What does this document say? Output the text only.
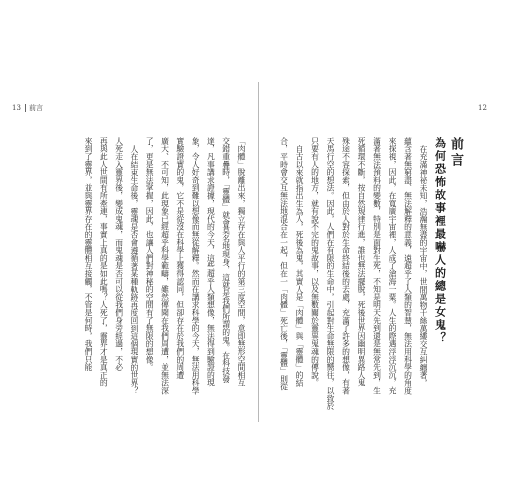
13 前言
「肉體」脫離出來，獨立存在與人平行的第三度空間，意即無形空間相互
交錯重疊時，「靈體」就會莫名地現身，這就是我們所謂的鬼。在科技發
達，凡事講求證據，現代的今天，這些超乎人類想像，無法得到驗證的現
象，令人好奇到難以想像而無從解釋。然而在講求科學的今天，無法用科學
實驗證實的鬼，它不是從沒在科學上獲得認同，但卻存在於我們的周遭
廣大、不可知，此現象已經超乎科學範疇，雖然傳聞在我們周遭，並無法深
了，更是無法掌握，因此，也讓人們對神秘的空間有了無限的想像。
人在結束生命後，靈魂是否會遵循著某種軌跡再度回到這個現實的世界？
人死走入靈界後，變成鬼魂，而鬼魂是否可以從我們身旁經過，不必
再與此人世間有所牽連，事實上真的是如此嗎？人死了，靈界才是真正的
來到了靈界，並與靈界存在的靈體相互接觸，不管是何時，我們只能
12
前言
為何恐怖故事裡最嚇人的總是女鬼？
在充滿神祕未知，浩瀚無盡的宇宙中，世間萬物千絲萬縷交互糾纏著，
蘊含著無窮盡、無法解釋的意義，遠超乎了人類的智慧，無法用科學的角度
來探視，因此，在寬廣宇宙裡，人成了滄海一粟。人生的際遇浮浮沉沉，充
滿著無法預料的變數，特別是面對生死，不知是明天先到還是無常先到，生
死循環不斷，按自然規律行進，誰也無法擺脫，死後世界因幽明異路人鬼
殊途不容探索，但由於人對於生命終結後的去處，充滿了許多的想像，有著
天馬行空的想法。因此，人們在有限的生命中，引起對生命無限的嚮往，以致於
只要有人的地方，就有說不完的鬼故事，以及無數關於靈異鬼魂的傳說。
自古以來就指出生為人，死後為鬼，其實人是「肉體」與「靈體」的結
合，平時會交互無法地混合在一起，但在一「肉體」死亡後，「靈體」則從
